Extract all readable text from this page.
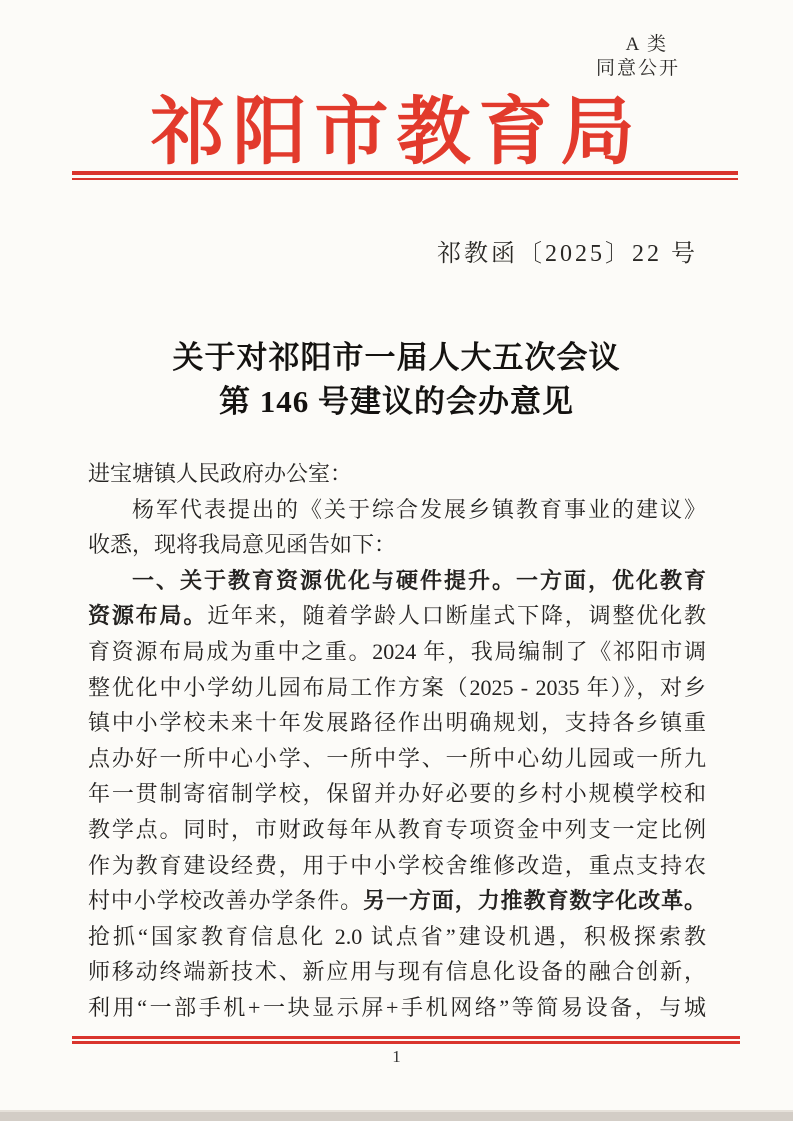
A 类
同意公开
祁阳市教育局
祁教函〔2025〕22 号
关于对祁阳市一届人大五次会议
第 146 号建议的会办意见
进宝塘镇人民政府办公室：
杨军代表提出的《关于综合发展乡镇教育事业的建议》
收悉，现将我局意见函告如下：
一、关于教育资源优化与硬件提升。一方面，优化教育
资源布局。近年来，随着学龄人口断崖式下降，调整优化教
育资源布局成为重中之重。2024 年，我局编制了《祁阳市调
整优化中小学幼儿园布局工作方案（2025 - 2035 年）》，对乡
镇中小学校未来十年发展路径作出明确规划，支持各乡镇重
点办好一所中心小学、一所中学、一所中心幼儿园或一所九
年一贯制寄宿制学校，保留并办好必要的乡村小规模学校和
教学点。同时，市财政每年从教育专项资金中列支一定比例
作为教育建设经费，用于中小学校舍维修改造，重点支持农
村中小学校改善办学条件。另一方面，力推教育数字化改革。
抢抓“国家教育信息化 2.0 试点省”建设机遇，积极探索教
师移动终端新技术、新应用与现有信息化设备的融合创新，
利用“一部手机+一块显示屏+手机网络”等简易设备，与城
1
